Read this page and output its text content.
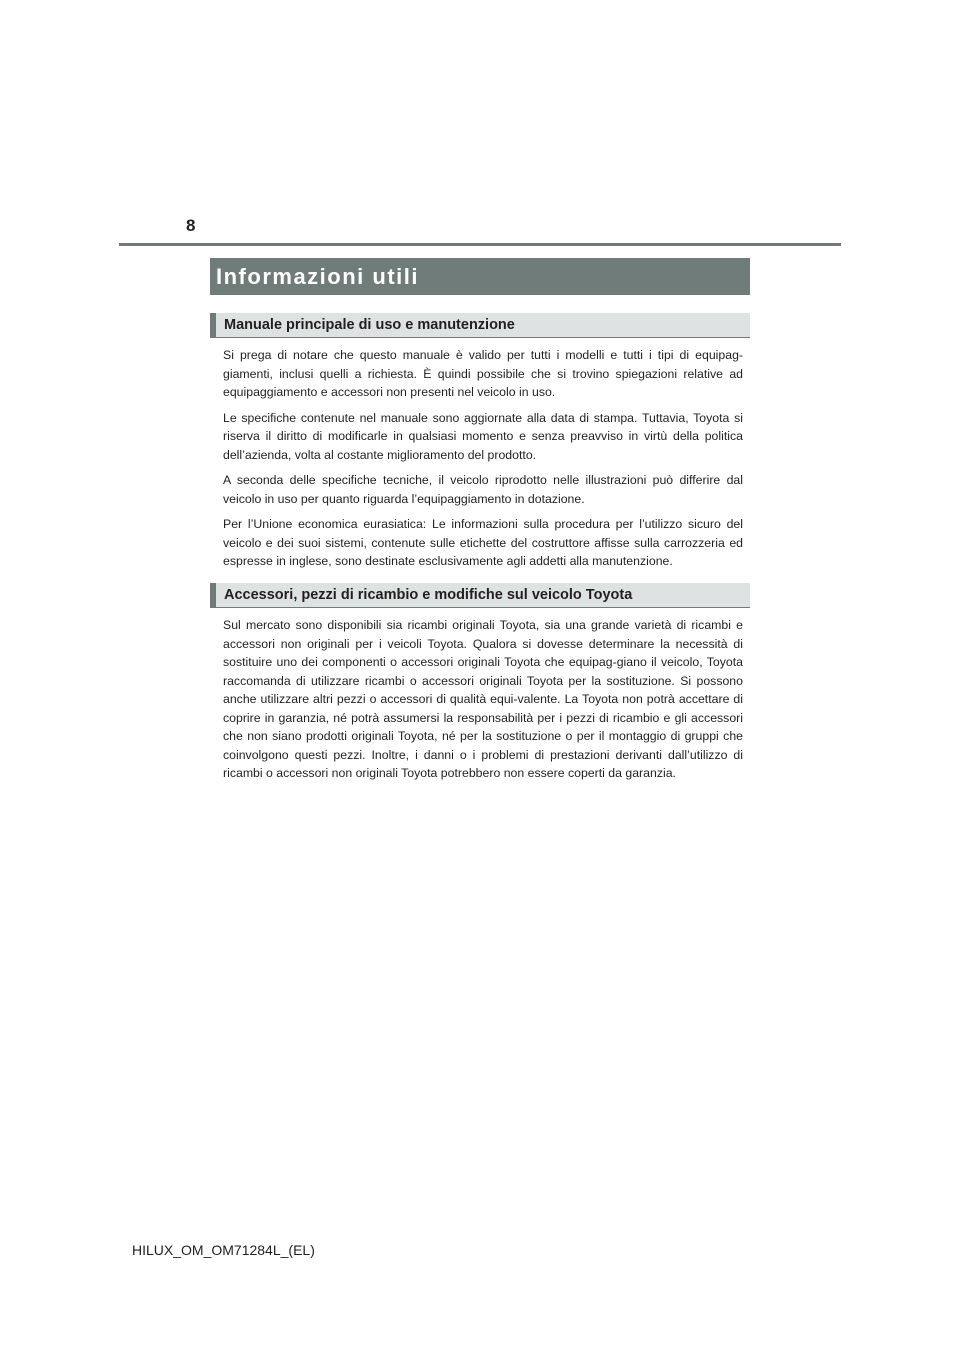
8
Informazioni utili
Manuale principale di uso e manutenzione

Si prega di notare che questo manuale è valido per tutti i modelli e tutti i tipi di equipag-giamenti, inclusi quelli a richiesta. È quindi possibile che si trovino spiegazioni relative ad equipaggiamento e accessori non presenti nel veicolo in uso.

Le specifiche contenute nel manuale sono aggiornate alla data di stampa. Tuttavia, Toyota si riserva il diritto di modificarle in qualsiasi momento e senza preavviso in virtù della politica dell’azienda, volta al costante miglioramento del prodotto.

A seconda delle specifiche tecniche, il veicolo riprodotto nelle illustrazioni può differire dal veicolo in uso per quanto riguarda l’equipaggiamento in dotazione.

Per l’Unione economica eurasiatica: Le informazioni sulla procedura per l’utilizzo sicuro del veicolo e dei suoi sistemi, contenute sulle etichette del costruttore affisse sulla carrozzeria ed espresse in inglese, sono destinate esclusivamente agli addetti alla manutenzione.

Accessori, pezzi di ricambio e modifiche sul veicolo Toyota

Sul mercato sono disponibili sia ricambi originali Toyota, sia una grande varietà di ricambi e accessori non originali per i veicoli Toyota. Qualora si dovesse determinare la necessità di sostituire uno dei componenti o accessori originali Toyota che equipag-giano il veicolo, Toyota raccomanda di utilizzare ricambi o accessori originali Toyota per la sostituzione. Si possono anche utilizzare altri pezzi o accessori di qualità equi-valente. La Toyota non potrà accettare di coprire in garanzia, né potrà assumersi la responsabilità per i pezzi di ricambio e gli accessori che non siano prodotti originali Toyota, né per la sostituzione o per il montaggio di gruppi che coinvolgono questi pezzi. Inoltre, i danni o i problemi di prestazioni derivanti dall’utilizzo di ricambi o accessori non originali Toyota potrebbero non essere coperti da garanzia.

HILUX_OM_OM71284L_(EL)
